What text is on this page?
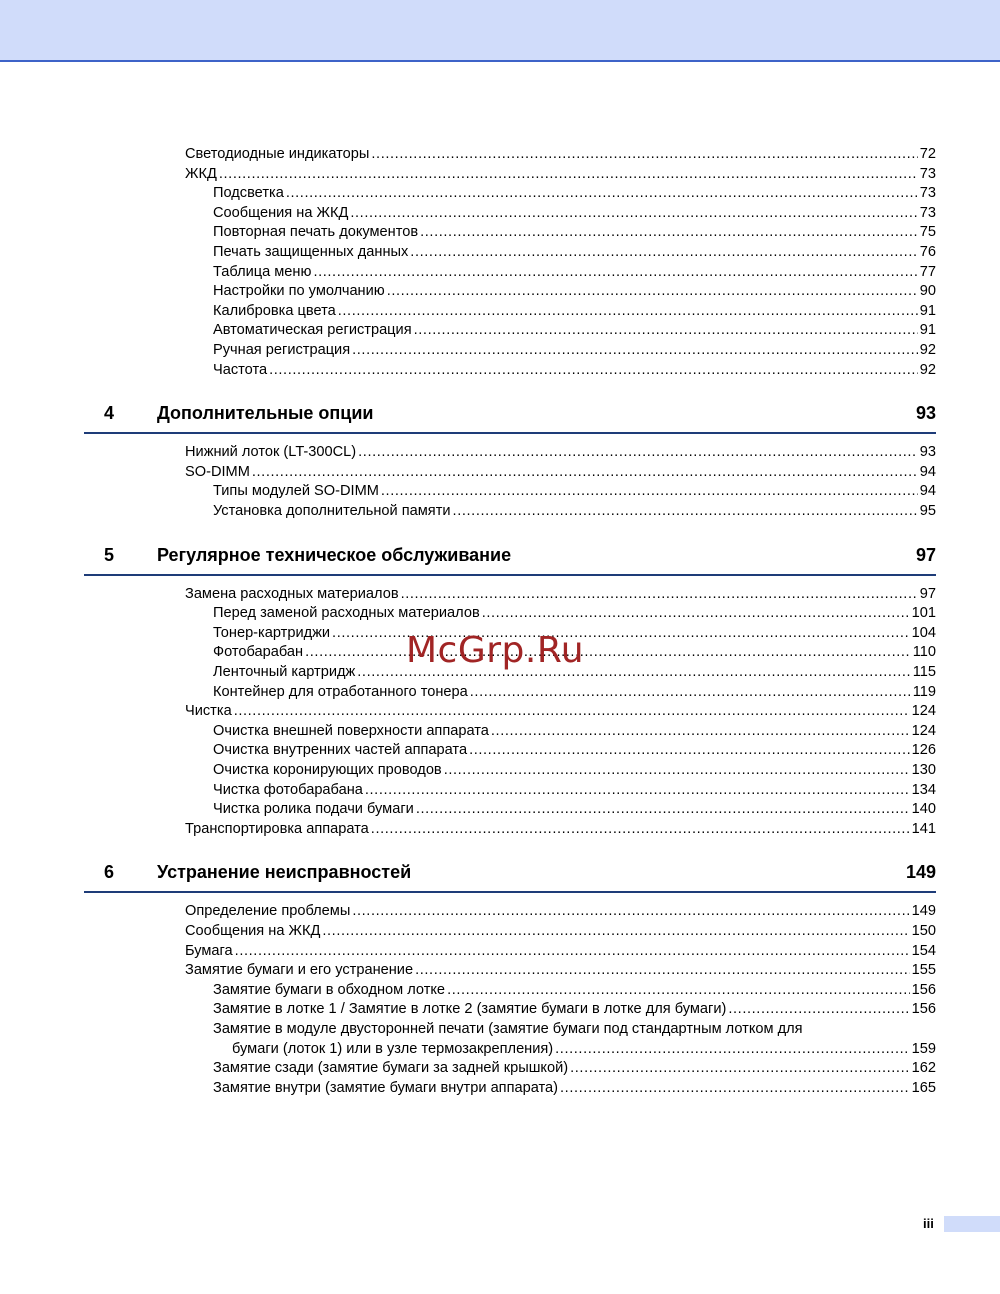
Светодиодные индикаторы .....	72
ЖКД .....	73
Подсветка .....	73
Сообщения на ЖКД .....	73
Повторная печать документов .....	75
Печать защищенных данных .....	76
Таблица меню .....	77
Настройки по умолчанию .....	90
Калибровка цвета .....	91
Автоматическая регистрация .....	91
Ручная регистрация .....	92
Частота .....	92
4 Дополнительные опции	93
Нижний лоток (LT-300CL) .....	93
SO-DIMM .....	94
Типы модулей SO-DIMM .....	94
Установка дополнительной памяти .....	95
5 Регулярное техническое обслуживание	97
Замена расходных материалов .....	97
Перед заменой расходных материалов .....	101
Тонер-картриджи .....	104
Фотобарабан .....	110
Ленточный картридж .....	115
Контейнер для отработанного тонера .....	119
Чистка .....	124
Очистка внешней поверхности аппарата .....	124
Очистка внутренних частей аппарата .....	126
Очистка коронирующих проводов .....	130
Чистка фотобарабана .....	134
Чистка ролика подачи бумаги .....	140
Транспортировка аппарата .....	141
6 Устранение неисправностей	149
Определение проблемы .....	149
Сообщения на ЖКД .....	150
Бумага .....	154
Замятие бумаги и его устранение .....	155
Замятие бумаги в обходном лотке .....	156
Замятие в лотке 1 / Замятие в лотке 2 (замятие бумаги в лотке для бумаги) .....	156
Замятие в модуле двусторонней печати (замятие бумаги под стандартным лотком для
бумаги (лоток 1) или в узле термозакрепления) .....	159
Замятие сзади (замятие бумаги за задней крышкой) .....	162
Замятие внутри (замятие бумаги внутри аппарата) .....	165
McGrp.Ru
iii
